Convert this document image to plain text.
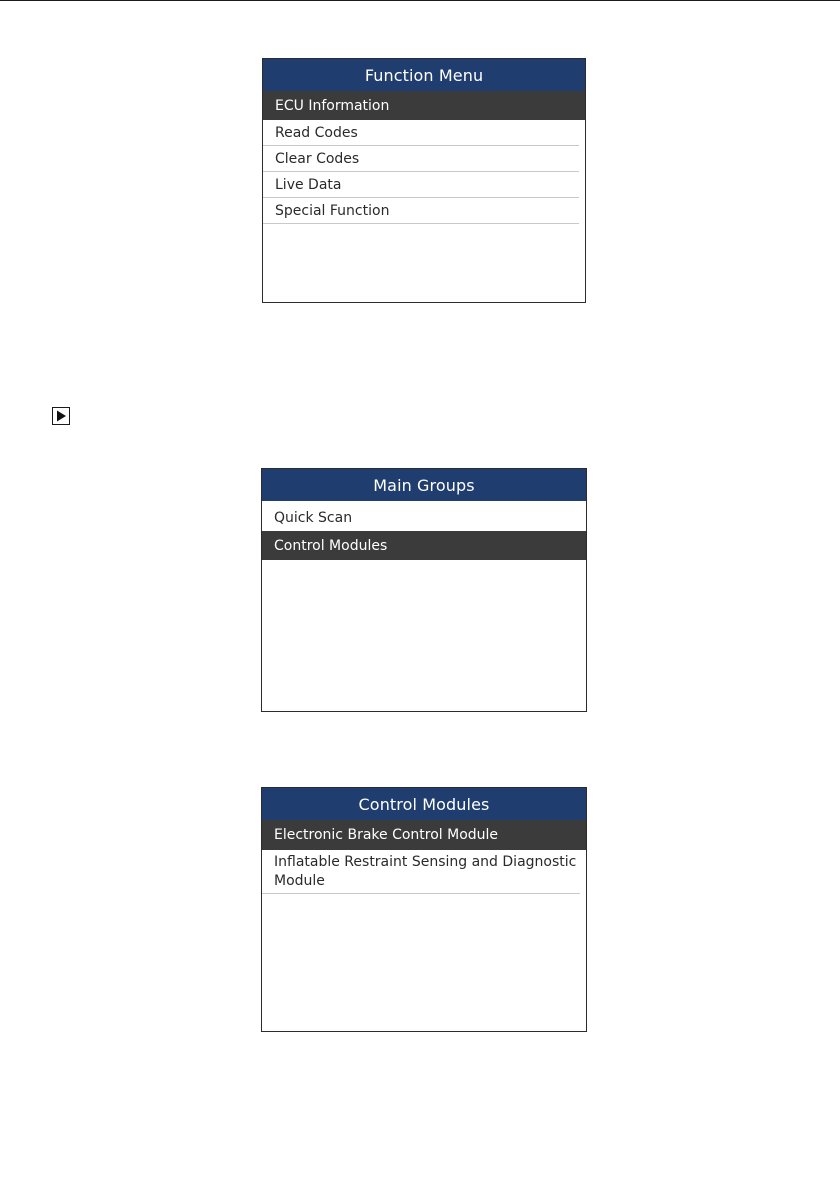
Function Menu
ECU Information
Read Codes
Clear Codes
Live Data
Special Function
Main Groups
Quick Scan
Control Modules
Control Modules
Electronic Brake Control Module
Inflatable Restraint Sensing and Diagnostic Module
